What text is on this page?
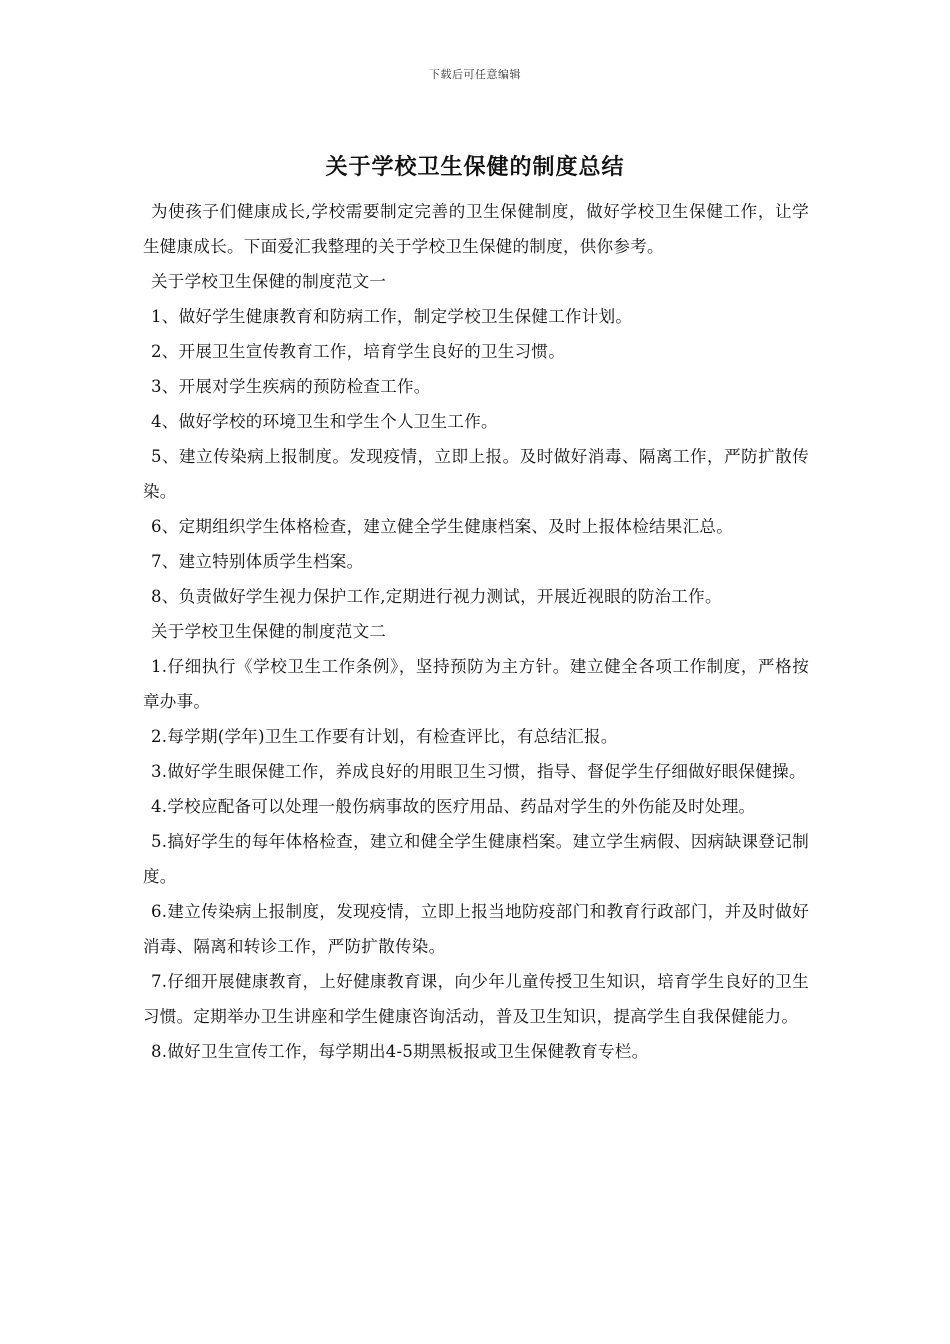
下载后可任意编辑
关于学校卫生保健的制度总结

为使孩子们健康成长,学校需要制定完善的卫生保健制度，做好学校卫生保健工作，让学生健康成长。下面爱汇我整理的关于学校卫生保健的制度，供你参考。

关于学校卫生保健的制度范文一

1、做好学生健康教育和防病工作，制定学校卫生保健工作计划。

2、开展卫生宣传教育工作，培育学生良好的卫生习惯。

3、开展对学生疾病的预防检查工作。

4、做好学校的环境卫生和学生个人卫生工作。

5、建立传染病上报制度。发现疫情，立即上报。及时做好消毒、隔离工作，严防扩散传染。

6、定期组织学生体格检查，建立健全学生健康档案、及时上报体检结果汇总。

7、建立特别体质学生档案。

8、负责做好学生视力保护工作,定期进行视力测试，开展近视眼的防治工作。

关于学校卫生保健的制度范文二

1.仔细执行《学校卫生工作条例》，坚持预防为主方针。建立健全各项工作制度，严格按章办事。

2.每学期(学年)卫生工作要有计划，有检查评比，有总结汇报。

3.做好学生眼保健工作，养成良好的用眼卫生习惯，指导、督促学生仔细做好眼保健操。

4.学校应配备可以处理一般伤病事故的医疗用品、药品对学生的外伤能及时处理。

5.搞好学生的每年体格检查，建立和健全学生健康档案。建立学生病假、因病缺课登记制度。

6.建立传染病上报制度，发现疫情，立即上报当地防疫部门和教育行政部门，并及时做好消毒、隔离和转诊工作，严防扩散传染。

7.仔细开展健康教育，上好健康教育课，向少年儿童传授卫生知识，培育学生良好的卫生习惯。定期举办卫生讲座和学生健康咨询活动，普及卫生知识，提高学生自我保健能力。

8.做好卫生宣传工作，每学期出4-5期黑板报或卫生保健教育专栏。
